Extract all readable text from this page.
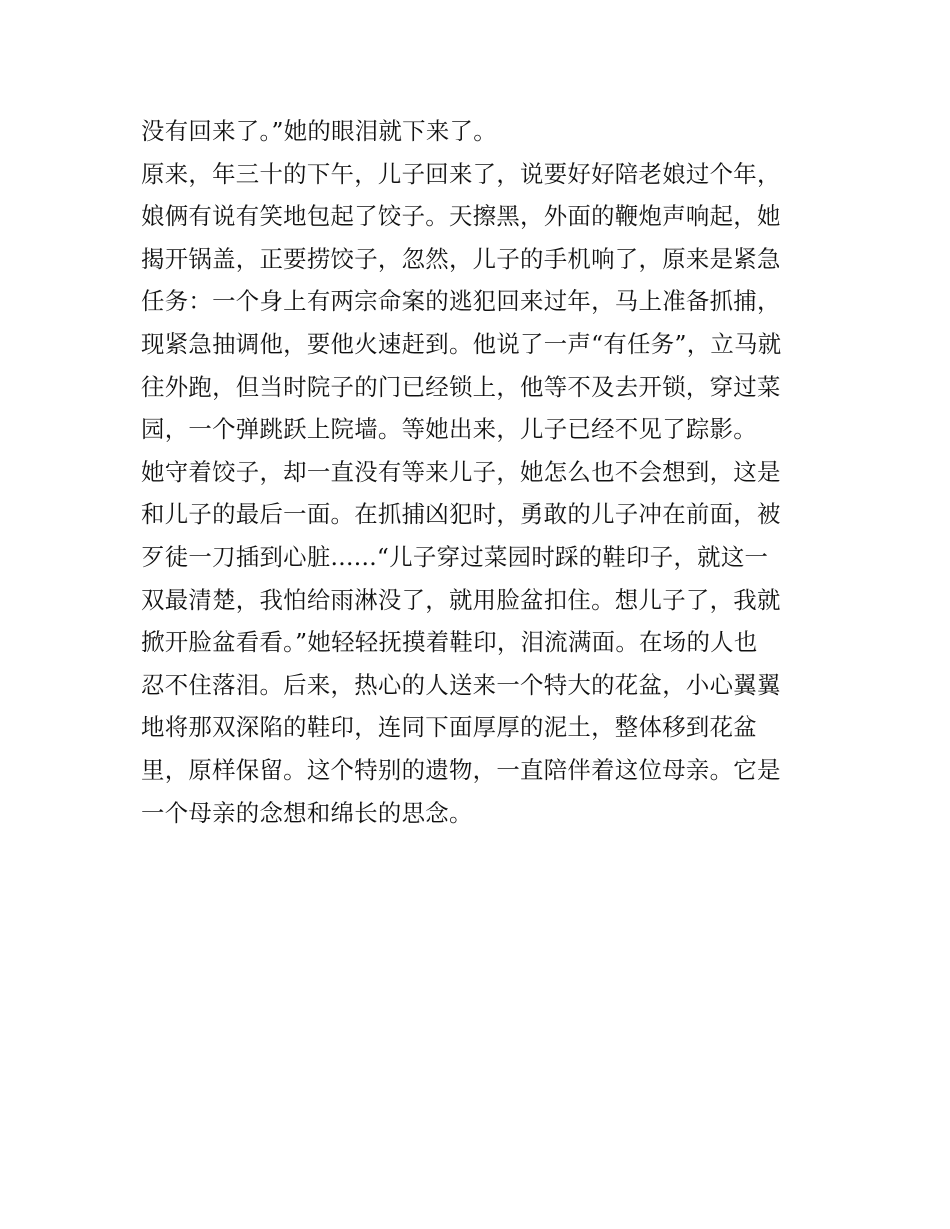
没有回来了。”她的眼泪就下来了。
原来，年三十的下午，儿子回来了，说要好好陪老娘过个年，
娘俩有说有笑地包起了饺子。天擦黑，外面的鞭炮声响起，她
揭开锅盖，正要捞饺子，忽然，儿子的手机响了，原来是紧急
任务：一个身上有两宗命案的逃犯回来过年，马上准备抓捕，
现紧急抽调他，要他火速赶到。他说了一声“有任务”，立马就
往外跑，但当时院子的门已经锁上，他等不及去开锁，穿过菜
园，一个弹跳跃上院墙。等她出来，儿子已经不见了踪影。
她守着饺子，却一直没有等来儿子，她怎么也不会想到，这是
和儿子的最后一面。在抓捕凶犯时，勇敢的儿子冲在前面，被
歹徒一刀插到心脏......“儿子穿过菜园时踩的鞋印子，就这一
双最清楚，我怕给雨淋没了，就用脸盆扣住。想儿子了，我就
掀开脸盆看看。”她轻轻抚摸着鞋印，泪流满面。在场的人也
忍不住落泪。后来，热心的人送来一个特大的花盆，小心翼翼
地将那双深陷的鞋印，连同下面厚厚的泥土，整体移到花盆
里，原样保留。这个特别的遗物，一直陪伴着这位母亲。它是
一个母亲的念想和绵长的思念。
